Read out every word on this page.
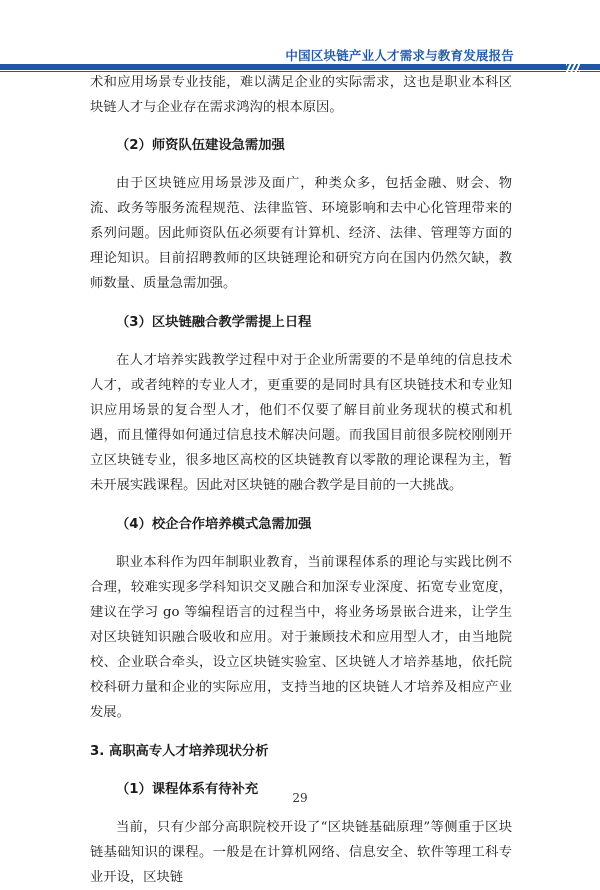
中国区块链产业人才需求与教育发展报告

术和应用场景专业技能，难以满足企业的实际需求，这也是职业本科区块链人才与企业存在需求鸿沟的根本原因。

（2）师资队伍建设急需加强

由于区块链应用场景涉及面广，种类众多，包括金融、财会、物流、政务等服务流程规范、法律监管、环境影响和去中心化管理带来的系列问题。因此师资队伍必须要有计算机、经济、法律、管理等方面的理论知识。目前招聘教师的区块链理论和研究方向在国内仍然欠缺，教师数量、质量急需加强。

（3）区块链融合教学需提上日程

在人才培养实践教学过程中对于企业所需要的不是单纯的信息技术人才，或者纯粹的专业人才，更重要的是同时具有区块链技术和专业知识应用场景的复合型人才，他们不仅要了解目前业务现状的模式和机遇，而且懂得如何通过信息技术解决问题。而我国目前很多院校刚刚开立区块链专业，很多地区高校的区块链教育以零散的理论课程为主，暂未开展实践课程。因此对区块链的融合教学是目前的一大挑战。

（4）校企合作培养模式急需加强

职业本科作为四年制职业教育，当前课程体系的理论与实践比例不合理，较难实现多学科知识交叉融合和加深专业深度、拓宽专业宽度，建议在学习 go 等编程语言的过程当中，将业务场景嵌合进来，让学生对区块链知识融合吸收和应用。对于兼顾技术和应用型人才，由当地院校、企业联合牵头，设立区块链实验室、区块链人才培养基地，依托院校科研力量和企业的实际应用，支持当地的区块链人才培养及相应产业发展。

3. 高职高专人才培养现状分析

（1）课程体系有待补充

当前，只有少部分高职院校开设了“区块链基础原理”等侧重于区块链基础知识的课程。一般是在计算机网络、信息安全、软件等理工科专业开设，区块链

29
